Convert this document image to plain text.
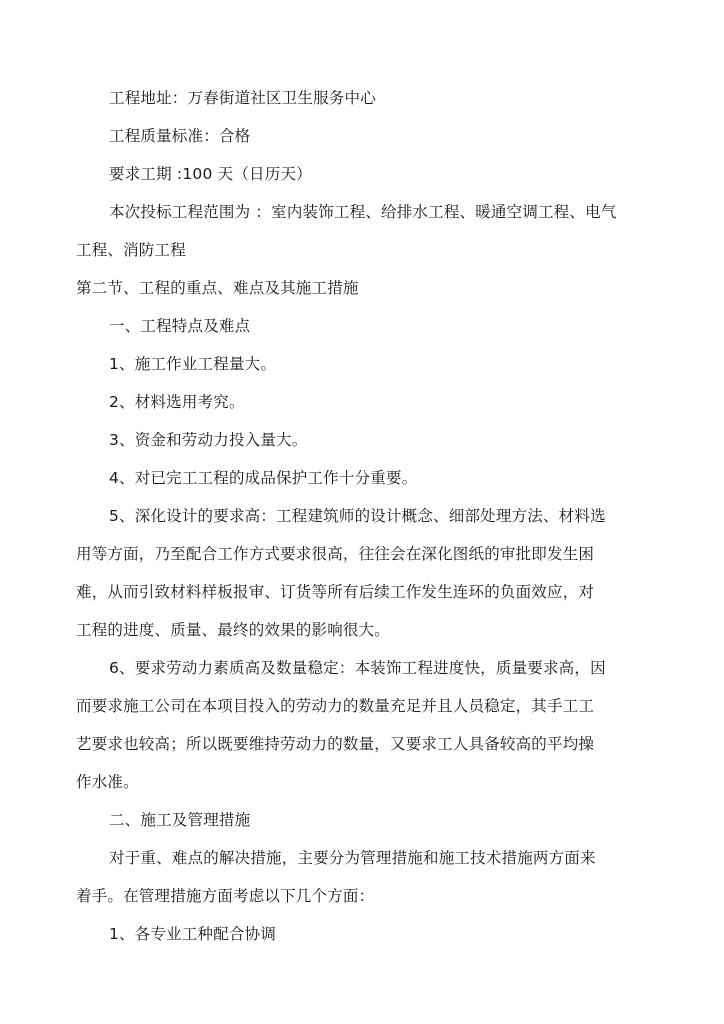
工程地址：万春街道社区卫生服务中心
工程质量标准：合格
要求工期 :100 天（日历天）
本次投标工程范围为 ：室内装饰工程、给排水工程、暖通空调工程、电气
工程、消防工程
第二节、工程的重点、难点及其施工措施
一、工程特点及难点
1、施工作业工程量大。
2、材料选用考究。
3、资金和劳动力投入量大。
4、对已完工工程的成品保护工作十分重要。
5、深化设计的要求高：工程建筑师的设计概念、细部处理方法、材料选
用等方面，乃至配合工作方式要求很高，往往会在深化图纸的审批即发生困
难，从而引致材料样板报审、订货等所有后续工作发生连环的负面效应，对
工程的进度、质量、最终的效果的影响很大。
6、要求劳动力素质高及数量稳定：本装饰工程进度快，质量要求高，因
而要求施工公司在本项目投入的劳动力的数量充足并且人员稳定，其手工工
艺要求也较高；所以既要维持劳动力的数量，又要求工人具备较高的平均操
作水准。
二、施工及管理措施
对于重、难点的解决措施，主要分为管理措施和施工技术措施两方面来
着手。在管理措施方面考虑以下几个方面：
1、各专业工种配合协调
